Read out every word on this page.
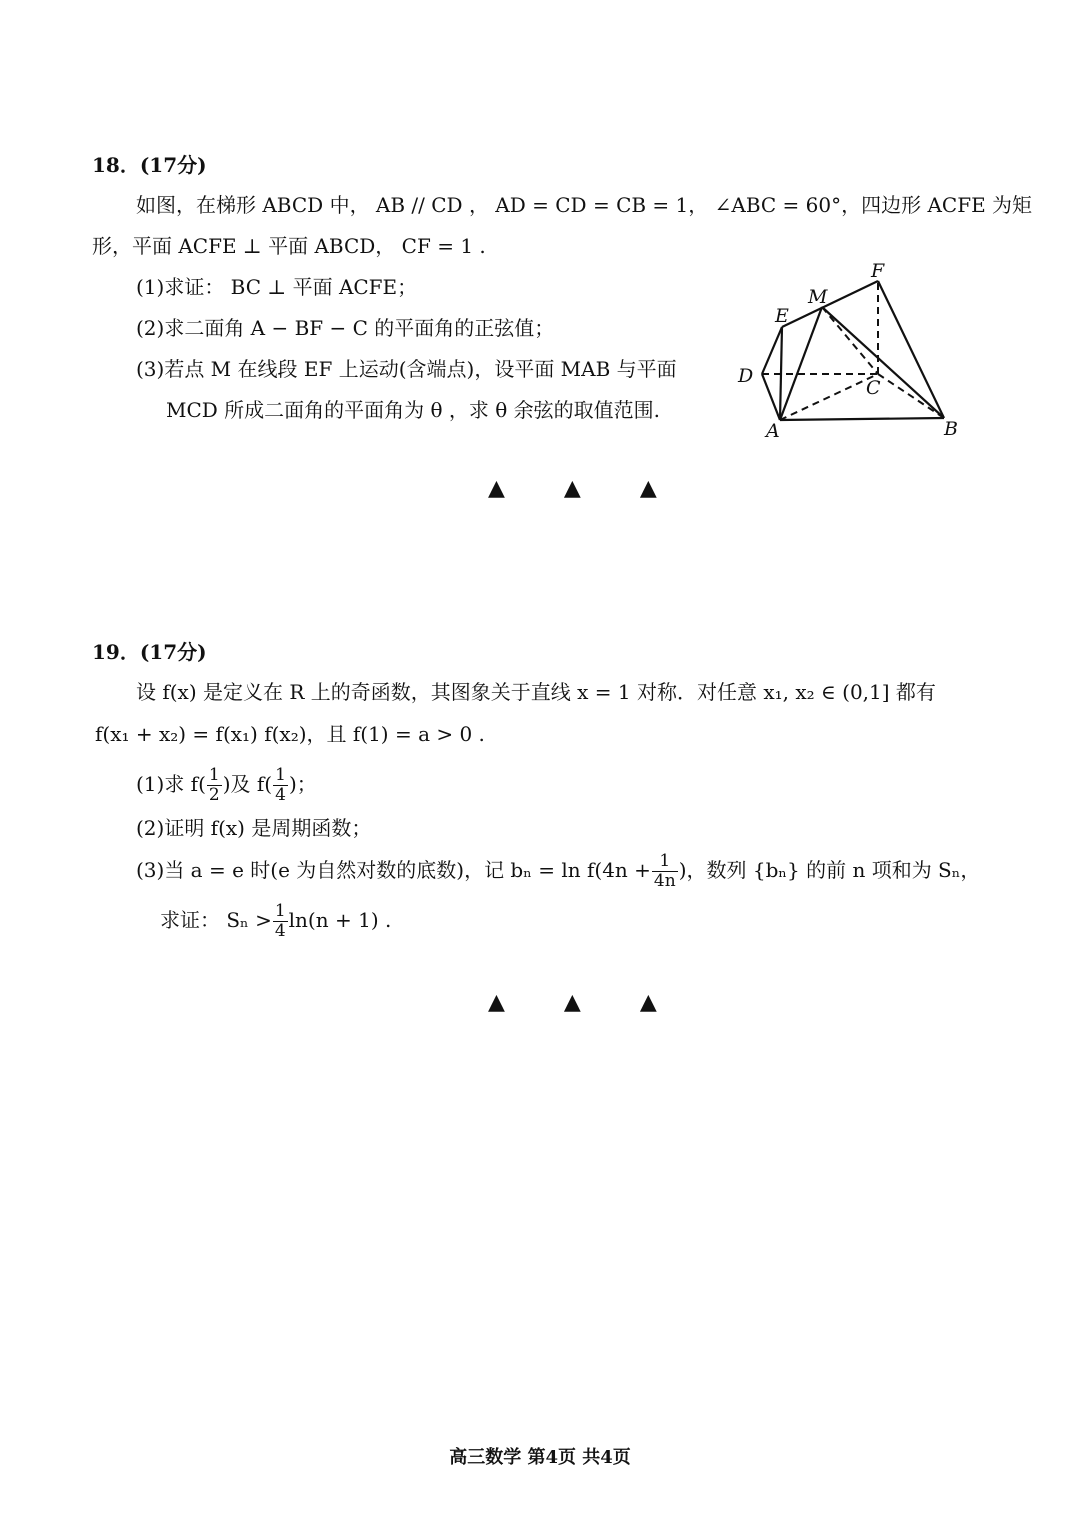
18．(17分)
如图，在梯形 ABCD 中， AB // CD ， AD = CD = CB = 1， ∠ABC = 60°，四边形 ACFE 为矩
形，平面 ACFE ⊥ 平面 ABCD， CF = 1 .
(1)求证： BC ⊥ 平面 ACFE；
(2)求二面角 A − BF − C 的平面角的正弦值；
(3)若点 M 在线段 EF 上运动(含端点)，设平面 MAB 与平面
MCD 所成二面角的平面角为 θ ，求 θ 余弦的取值范围.
F
M
E
D
C
A	B
▲ ▲ ▲
19．(17分)
设 f(x) 是定义在 R 上的奇函数，其图象关于直线 x = 1 对称．对任意 x₁, x₂ ∈ (0,1] 都有
f(x₁ + x₂) = f(x₁) f(x₂)，且 f(1) = a > 0 .
(1)求 $f( \frac{1}{2}$ )及 $f( \frac{1}{4}$ )；
(2)证明 f(x) 是周期函数；
(3)当 a = e 时(e 为自然对数的底数)，记 $b_n = \ln f(4n + \frac{1}{4n}$ )，数列 {bₙ} 的前 n 项和为 Sₙ，
求证： $S_n > \frac{1}{4} \ln(n + 1)$ .
▲ ▲ ▲
高三数学 第4页 共4页
